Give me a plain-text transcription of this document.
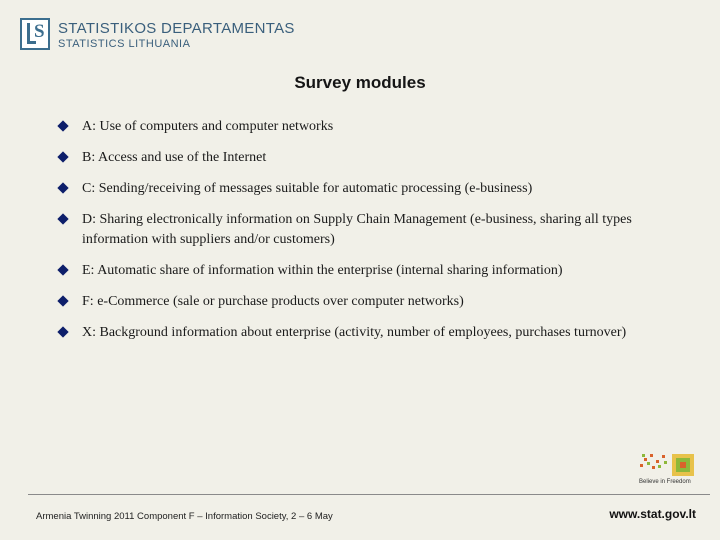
S STATISTIKOS DEPARTAMENTAS
STATISTICS LITHUANIA
Survey modules
A: Use of computers and computer networks
B: Access and use of the Internet
C: Sending/receiving of messages suitable for automatic processing (e-business)
D: Sharing electronically information on Supply Chain Management (e-business, sharing all types information with suppliers and/or customers)
E: Automatic share of information within the enterprise (internal sharing information)
F: e-Commerce (sale or purchase products over computer networks)
X: Background information about enterprise (activity, number of employees, purchases turnover)
Believe in Freedom
Armenia Twinning 2011 Component F – Information Society, 2 – 6 May	www.stat.gov.lt
